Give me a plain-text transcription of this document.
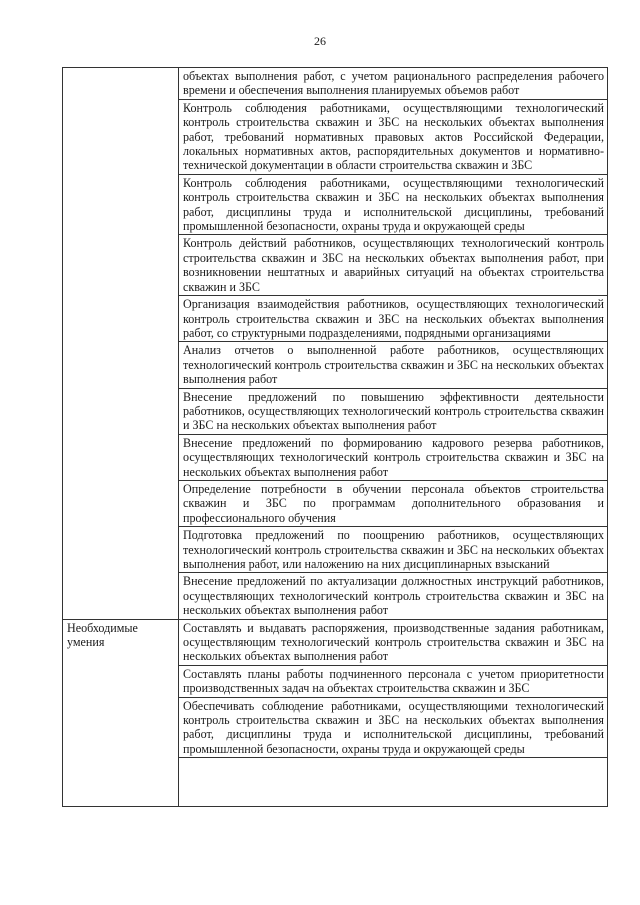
26
	объектах выполнения работ, с учетом рационального распределения рабочего времени и обеспечения выполнения планируемых объемов работ
	Контроль соблюдения работниками, осуществляющими технологический контроль строительства скважин и ЗБС на нескольких объектах выполнения работ, требований нормативных правовых актов Российской Федерации, локальных нормативных актов, распорядительных документов и нормативно-технической документации в области строительства скважин и ЗБС
	Контроль соблюдения работниками, осуществляющими технологический контроль строительства скважин и ЗБС на нескольких объектах выполнения работ, дисциплины труда и исполнительской дисциплины, требований промышленной безопасности, охраны труда и окружающей среды
	Контроль действий работников, осуществляющих технологический контроль строительства скважин и ЗБС на нескольких объектах выполнения работ, при возникновении нештатных и аварийных ситуаций на объектах строительства скважин и ЗБС
	Организация взаимодействия работников, осуществляющих технологический контроль строительства скважин и ЗБС на нескольких объектах выполнения работ, со структурными подразделениями, подрядными организациями
	Анализ отчетов о выполненной работе работников, осуществляющих технологический контроль строительства скважин и ЗБС на нескольких объектах выполнения работ
	Внесение предложений по повышению эффективности деятельности работников, осуществляющих технологический контроль строительства скважин и ЗБС на нескольких объектах выполнения работ
	Внесение предложений по формированию кадрового резерва работников, осуществляющих технологический контроль строительства скважин и ЗБС на нескольких объектах выполнения работ
	Определение потребности в обучении персонала объектов строительства скважин и ЗБС по программам дополнительного образования и профессионального обучения
	Подготовка предложений по поощрению работников, осуществляющих технологический контроль строительства скважин и ЗБС на нескольких объектах выполнения работ, или наложению на них дисциплинарных взысканий
	Внесение предложений по актуализации должностных инструкций работников, осуществляющих технологический контроль строительства скважин и ЗБС на нескольких объектах выполнения работ
Необходимые умения	Составлять и выдавать распоряжения, производственные задания работникам, осуществляющим технологический контроль строительства скважин и ЗБС на нескольких объектах выполнения работ
	Составлять планы работы подчиненного персонала с учетом приоритетности производственных задач на объектах строительства скважин и ЗБС
	Обеспечивать соблюдение работниками, осуществляющими технологический контроль строительства скважин и ЗБС на нескольких объектах выполнения работ, дисциплины труда и исполнительской дисциплины, требований промышленной безопасности, охраны труда и окружающей среды
